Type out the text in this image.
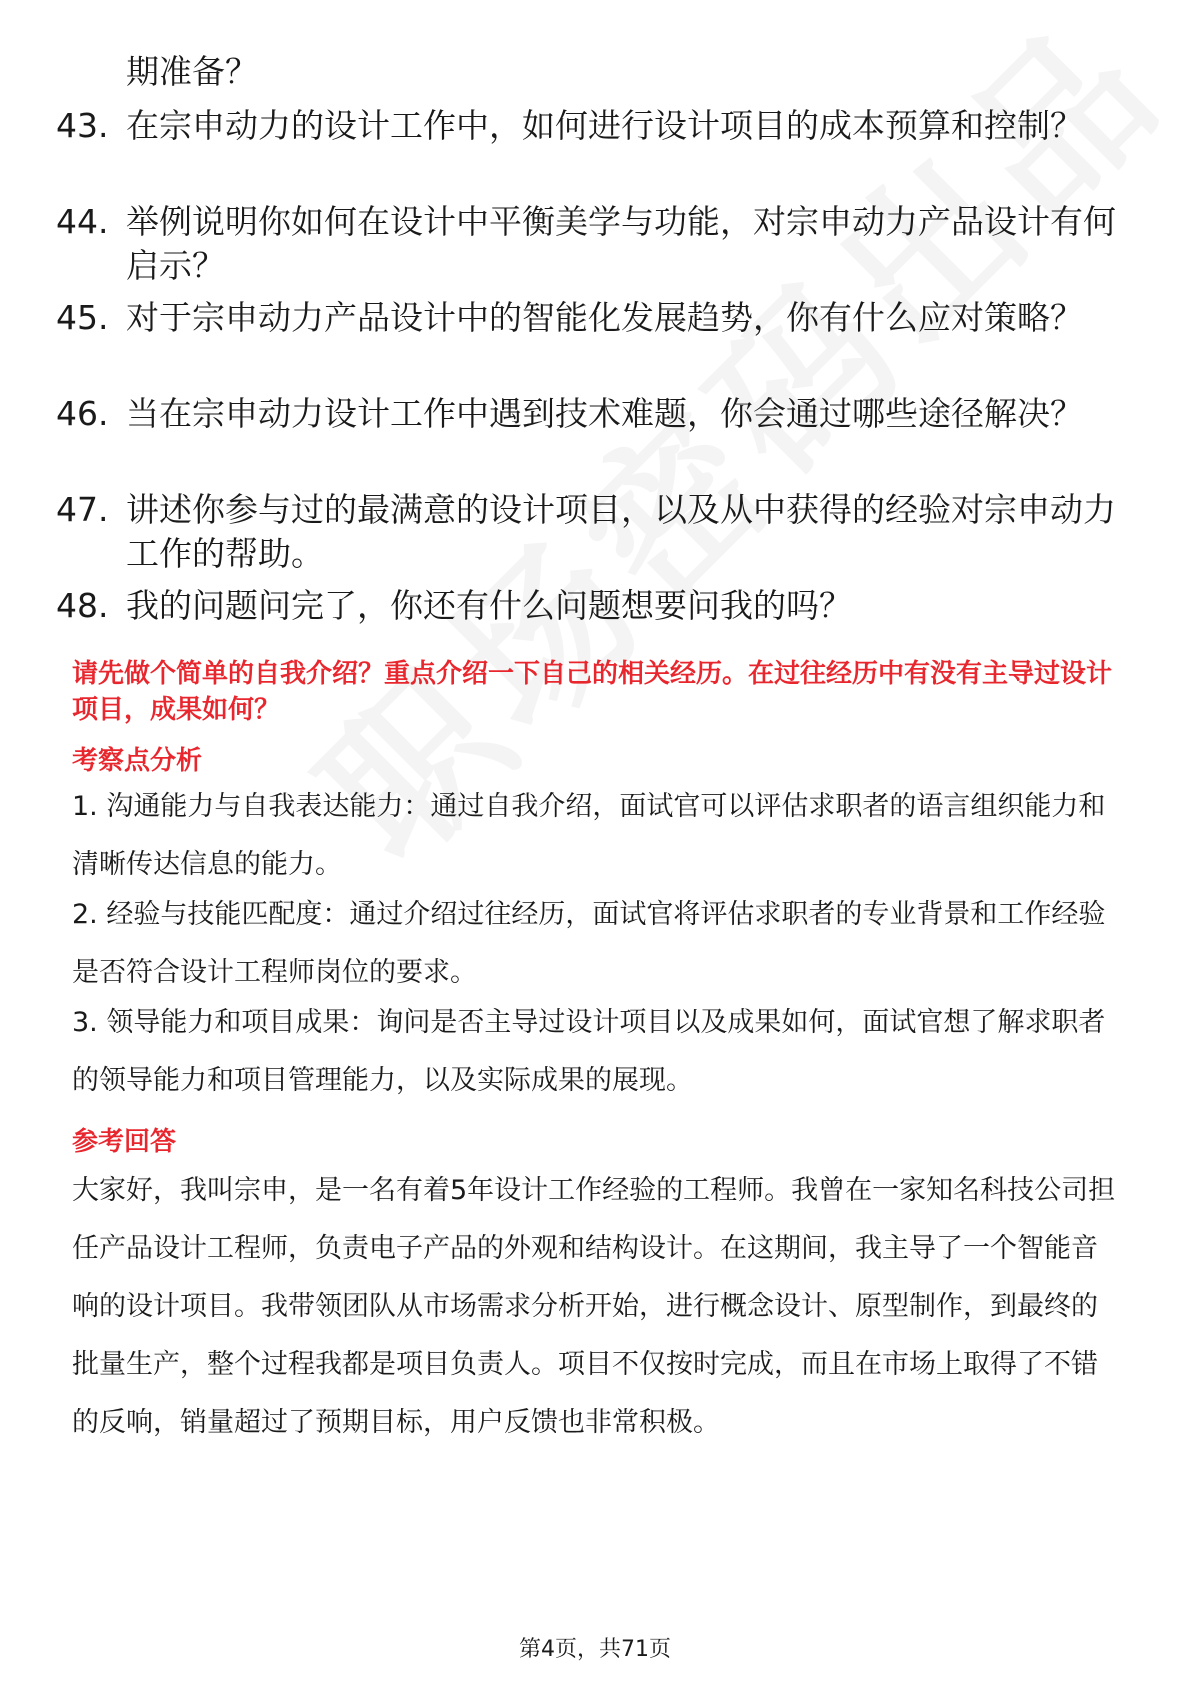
期准备？

43. 在宗申动力的设计工作中，如何进行设计项目的成本预算和控制？
44. 举例说明你如何在设计中平衡美学与功能，对宗申动力产品设计有何启示？
45. 对于宗申动力产品设计中的智能化发展趋势，你有什么应对策略？
46. 当在宗申动力设计工作中遇到技术难题，你会通过哪些途径解决？
47. 讲述你参与过的最满意的设计项目，以及从中获得的经验对宗申动力工作的帮助。
48. 我的问题问完了，你还有什么问题想要问我的吗？

请先做个简单的自我介绍？重点介绍一下自己的相关经历。在过往经历中有没有主导过设计项目，成果如何？

考察点分析

1. 沟通能力与自我表达能力：通过自我介绍，面试官可以评估求职者的语言组织能力和清晰传达信息的能力。

2. 经验与技能匹配度：通过介绍过往经历，面试官将评估求职者的专业背景和工作经验是否符合设计工程师岗位的要求。

3. 领导能力和项目成果：询问是否主导过设计项目以及成果如何，面试官想了解求职者的领导能力和项目管理能力，以及实际成果的展现。

参考回答

大家好，我叫宗申，是一名有着5年设计工作经验的工程师。我曾在一家知名科技公司担任产品设计工程师，负责电子产品的外观和结构设计。在这期间，我主导了一个智能音响的设计项目。我带领团队从市场需求分析开始，进行概念设计、原型制作，到最终的批量生产，整个过程我都是项目负责人。项目不仅按时完成，而且在市场上取得了不错的反响，销量超过了预期目标，用户反馈也非常积极。

第4页，共71页
